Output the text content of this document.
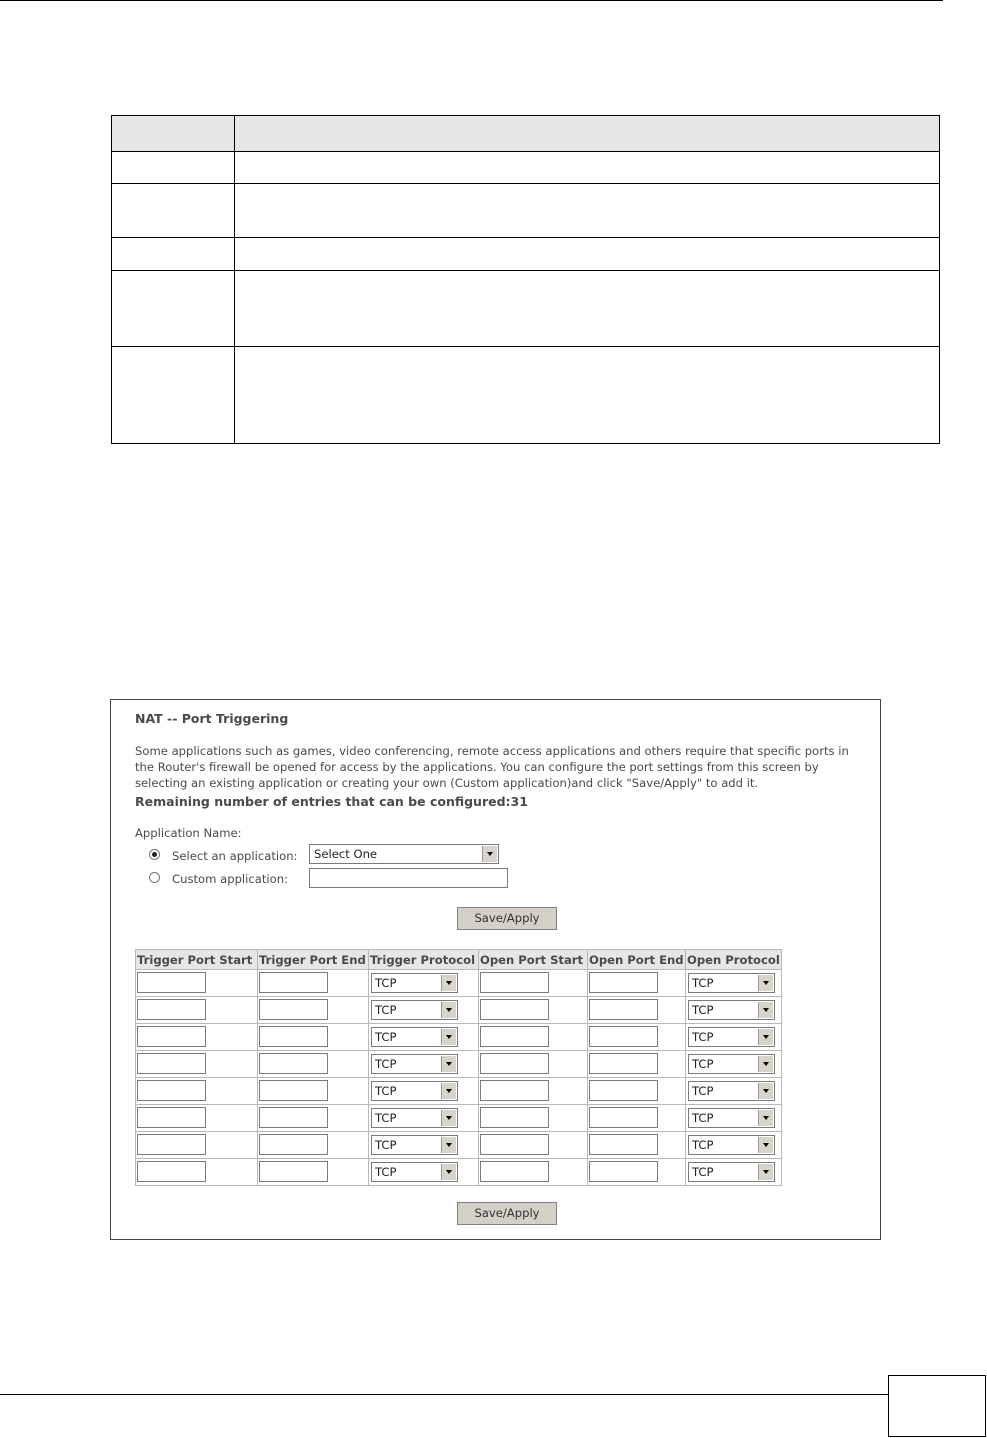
NAT -- Port Triggering
Some applications such as games, video conferencing, remote access applications and others require that specific ports in the Router's firewall be opened for access by the applications. You can configure the port settings from this screen by selecting an existing application or creating your own (Custom application)and click "Save/Apply" to add it.
Remaining number of entries that can be configured:31
Application Name:
Select an application: Select One
Custom application:
Save/Apply
Trigger Port Start	Trigger Port End	Trigger Protocol	Open Port Start	Open Port End	Open Protocol

		TCP			TCP

		TCP			TCP

		TCP			TCP

		TCP			TCP

		TCP			TCP

		TCP			TCP

		TCP			TCP

		TCP			TCP
Save/Apply
